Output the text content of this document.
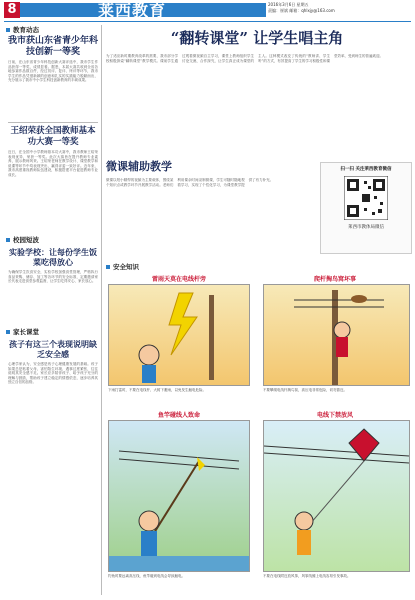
8	莱西教育	2016年3月6日 星期五
责编：崔斌 邮箱：qhlxjy@163.com
教育动态
我市获山东省青少年科技创新一等奖
日前，在山东省青少年科技创新大赛评选中，我市学生作品获得一等奖，成绩显著。据悉，本届大赛共收到全省各地参赛作品数百件，经过初评、复评、终评等环节，我市学生的作品凭借新颖的创意和扎实的实践能力脱颖而出，充分展示了我市中小学生科技创新教育的丰硕成果。
王绍荣获全国教师基本功大赛一等奖
近日，在全国中小学教师基本功大赛中，我市教师王绍荣表现优异，荣获一等奖。此次大赛旨在提升教师专业素养，展示教师风采。王绍荣老师在教学设计、课堂教学和说课等环节中均表现突出，赢得评委一致好评。近年来，我市高度重视教师队伍建设，积极搭建平台促进教师专业成长。
校园短波
实验学校：让每份学生饭菜吃得放心
为确保学生饮食安全，实验学校加强食堂管理，严格执行食品采购、储存、加工等各环节的安全标准，定期邀请家长代表走进食堂参观监督，让学生吃得安心、家长放心。
家长课堂
孩子有这三个表现说明缺乏安全感
心理学家认为，安全感是孩子心理健康发展的基础。孩子如果总是粘着父母、害怕陌生环境、遇事过度紧张，往往说明其安全感不足。家长应多陪伴孩子、给予孩子充分的理解与鼓励，帮助孩子建立稳定的情感依恋，逐步培养其独立自信的品格。
“翻转课堂” 让学生唱主角
为了适应新时期教育改革的需要，我市部分学校积极探索“翻转课堂”教学模式。课前学生通过观看微视频自主学习，课堂上教师组织学生讨论交流、合作探究，让学生真正成为课堂的主人。这种模式改变了传统的“教师讲、学生听”的方式，有效提高了学生的学习积极性和课堂效率，受到师生的普遍欢迎。
微课辅助教学
微课以短小精悍的视频为主要载体，围绕某个知识点或教学环节开展教学活动。老师们利用课余时间录制微课，学生可随时随地观看学习，实现了个性化学习，为课堂教学提供了有力补充。
扫一扫 关注莱西教育微信
莱西市教体局微信
安全知识
雷雨天莫在电线杆旁
下雨打雷时，不要在电线杆、大树下避雨，以免发生触电危险。
爬杆掏鸟窝坏事
不要攀爬电线杆掏鸟窝，高压电非常危险，切勿靠近。
鱼竿碰线人致命
钓鱼时要远离高压线，鱼竿碰到电线会导致触电。
电线下禁放风
不要在电线附近放风筝，风筝线缠上电线容易引发事故。
